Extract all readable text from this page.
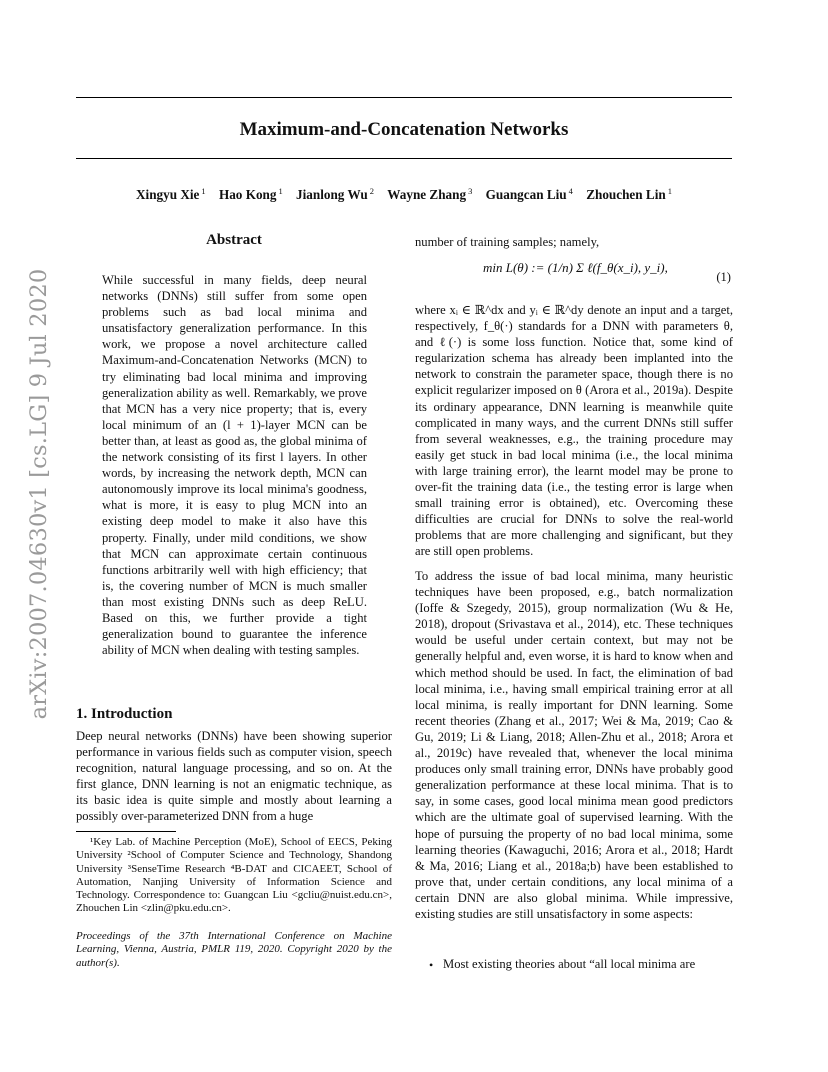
Maximum-and-Concatenation Networks
Xingyu Xie $^1$ Hao Kong $^1$ Jianlong Wu $^2$ Wayne Zhang $^3$ Guangcan Liu $^4$ Zhouchen Lin $^1$
arXiv:2007.04630v1 [cs.LG] 9 Jul 2020
Abstract
While successful in many fields, deep neural networks (DNNs) still suffer from some open problems such as bad local minima and unsatisfactory generalization performance. In this work, we propose a novel architecture called Maximum-and-Concatenation Networks (MCN) to try eliminating bad local minima and improving generalization ability as well. Remarkably, we prove that MCN has a very nice property; that is, every local minimum of an (l + 1)-layer MCN can be better than, at least as good as, the global minima of the network consisting of its first l layers. In other words, by increasing the network depth, MCN can autonomously improve its local minima's goodness, what is more, it is easy to plug MCN into an existing deep model to make it also have this property. Finally, under mild conditions, we show that MCN can approximate certain continuous functions arbitrarily well with high efficiency; that is, the covering number of MCN is much smaller than most existing DNNs such as deep ReLU. Based on this, we further provide a tight generalization bound to guarantee the inference ability of MCN when dealing with testing samples.
1. Introduction
Deep neural networks (DNNs) have been showing superior performance in various fields such as computer vision, speech recognition, natural language processing, and so on. At the first glance, DNN learning is not an enigmatic technique, as its basic idea is quite simple and mostly about learning a possibly over-parameterized DNN from a huge
¹Key Lab. of Machine Perception (MoE), School of EECS, Peking University ²School of Computer Science and Technology, Shandong University ³SenseTime Research ⁴B-DAT and CICAEET, School of Automation, Nanjing University of Information Science and Technology. Correspondence to: Guangcan Liu <gcliu@nuist.edu.cn>, Zhouchen Lin <zlin@pku.edu.cn>.
Proceedings of the 37th International Conference on Machine Learning, Vienna, Austria, PMLR 119, 2020. Copyright 2020 by the author(s).
number of training samples; namely,
min L(θ) := (1/n) Σ ℓ(f_θ(x_i), y_i),
(1)
where xᵢ ∈ ℝ^dx and yᵢ ∈ ℝ^dy denote an input and a target, respectively, f_θ(·) standards for a DNN with parameters θ, and ℓ(·) is some loss function. Notice that, some kind of regularization schema has already been implanted into the network to constrain the parameter space, though there is no explicit regularizer imposed on θ (Arora et al., 2019a). Despite its ordinary appearance, DNN learning is meanwhile quite complicated in many ways, and the current DNNs still suffer from several weaknesses, e.g., the training procedure may easily get stuck in bad local minima (i.e., the local minima with large training error), the learnt model may be prone to over-fit the training data (i.e., the testing error is large when small training error is obtained), etc. Overcoming these difficulties are crucial for DNNs to solve the real-world problems that are more challenging and significant, but they are still open problems.
To address the issue of bad local minima, many heuristic techniques have been proposed, e.g., batch normalization (Ioffe & Szegedy, 2015), group normalization (Wu & He, 2018), dropout (Srivastava et al., 2014), etc. These techniques would be useful under certain context, but may not be generally helpful and, even worse, it is hard to know when and which method should be used. In fact, the elimination of bad local minima, i.e., having small empirical training error at all local minima, is really important for DNN learning. Some recent theories (Zhang et al., 2017; Wei & Ma, 2019; Cao & Gu, 2019; Li & Liang, 2018; Allen-Zhu et al., 2018; Arora et al., 2019c) have revealed that, whenever the local minima produces only small training error, DNNs have probably good generalization performance at these local minima. That is to say, in some cases, good local minima mean good predictors which are the ultimate goal of supervised learning. With the hope of pursuing the property of no bad local minima, some learning theories (Kawaguchi, 2016; Arora et al., 2018; Hardt & Ma, 2016; Liang et al., 2018a;b) have been established to prove that, under certain conditions, any local minima of a certain DNN are also global minima. While impressive, existing studies are still unsatisfactory in some aspects:
• Most existing theories about “all local minima are
